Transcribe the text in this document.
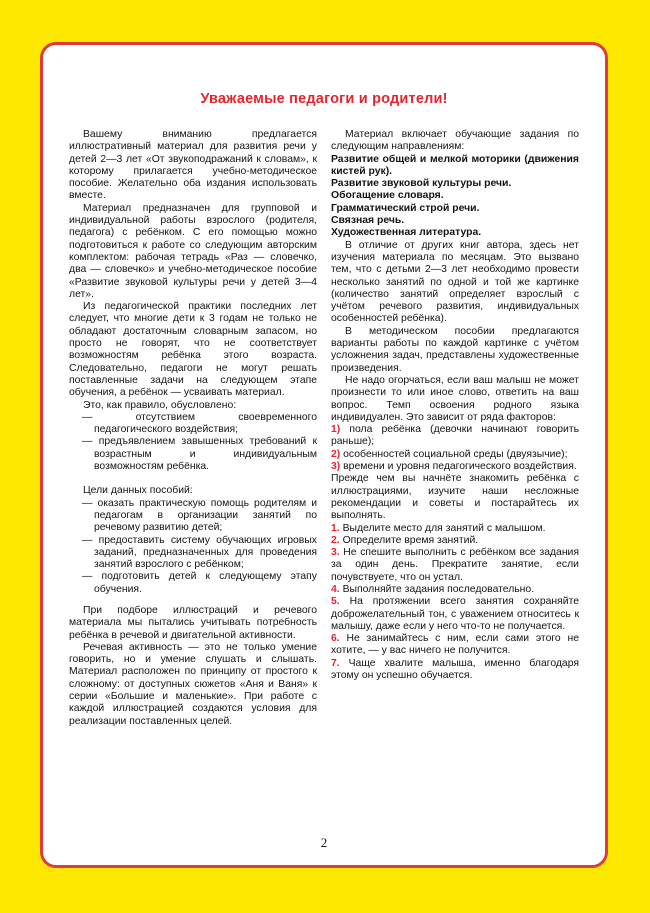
Уважаемые педагоги и родители!

Вашему вниманию предлагается иллюстративный материал для развития речи у детей 2—3 лет «От звукоподражаний к словам», к которому прилагается учебно-методическое пособие. Желательно оба издания использовать вместе.

Материал предназначен для групповой и индивидуальной работы взрослого (родителя, педагога) с ребёнком. С его помощью можно подготовиться к работе со следующим авторским комплектом: рабочая тетрадь «Раз — словечко, два — словечко» и учебно-методическое пособие «Развитие звуковой культуры речи у детей 3—4 лет».

Из педагогической практики последних лет следует, что многие дети к 3 годам не только не обладают достаточным словарным запасом, но просто не говорят, что не соответствует возможностям ребёнка этого возраста. Следовательно, педагоги не могут решать поставленные задачи на следующем этапе обучения, а ребёнок — усваивать материал.

Это, как правило, обусловлено:

—	отсутствием своевременного педагогического воздействия;
— предъявлением завышенных требований к возрастным и индивидуальным возможностям ребёнка.

Цели данных пособий:

— оказать практическую помощь родителям и педагогам в организации занятий по речевому развитию детей;
— предоставить систему обучающих игровых заданий, предназначенных для проведения занятий взрослого с ребёнком;
— подготовить детей к следующему этапу обучения.

При подборе иллюстраций и речевого материала мы пытались учитывать потребность ребёнка в речевой и двигательной активности.

Речевая активность — это не только умение говорить, но и умение слушать и слышать. Материал расположен по принципу от простого к сложному: от доступных сюжетов «Аня и Ваня» к серии «Большие и маленькие». При работе с каждой иллюстрацией создаются условия для реализации поставленных целей.

Материал включает обучающие задания по следующим направлениям:

Развитие общей и мелкой моторики (движения кистей рук).

Развитие звуковой культуры речи.

Обогащение словаря.

Грамматический строй речи.

Связная речь.

Художественная литература.

В отличие от других книг автора, здесь нет изучения материала по месяцам. Это вызвано тем, что с детьми 2—3 лет необходимо провести несколько занятий по одной и той же картинке (количество занятий определяет взрослый с учётом речевого развития, индивидуальных особенностей ребёнка).

В методическом пособии предлагаются варианты работы по каждой картинке с учётом усложнения задач, представлены художественные произведения.

Не надо огорчаться, если ваш малыш не может произнести то или иное слово, ответить на ваш вопрос. Темп освоения родного языка индивидуален. Это зависит от ряда факторов:

1) пола ребёнка (девочки начинают говорить раньше);

2) особенностей социальной среды (двуязычие);

3) времени и уровня педагогического воздействия.

Прежде чем вы начнёте знакомить ребёнка с иллюстрациями, изучите наши несложные рекомендации и советы и постарайтесь их выполнять.

1. Выделите место для занятий с малышом.

2. Определите время занятий.

3. Не спешите выполнить с ребёнком все задания за один день. Прекратите занятие, если почувствуете, что он устал.

4. Выполняйте задания последовательно.

5. На протяжении всего занятия сохраняйте доброжелательный тон, с уважением относитесь к малышу, даже если у него что-то не получается.

6. Не занимайтесь с ним, если сами этого не хотите, — у вас ничего не получится.

7. Чаще хвалите малыша, именно благодаря этому он успешно обучается.

2
